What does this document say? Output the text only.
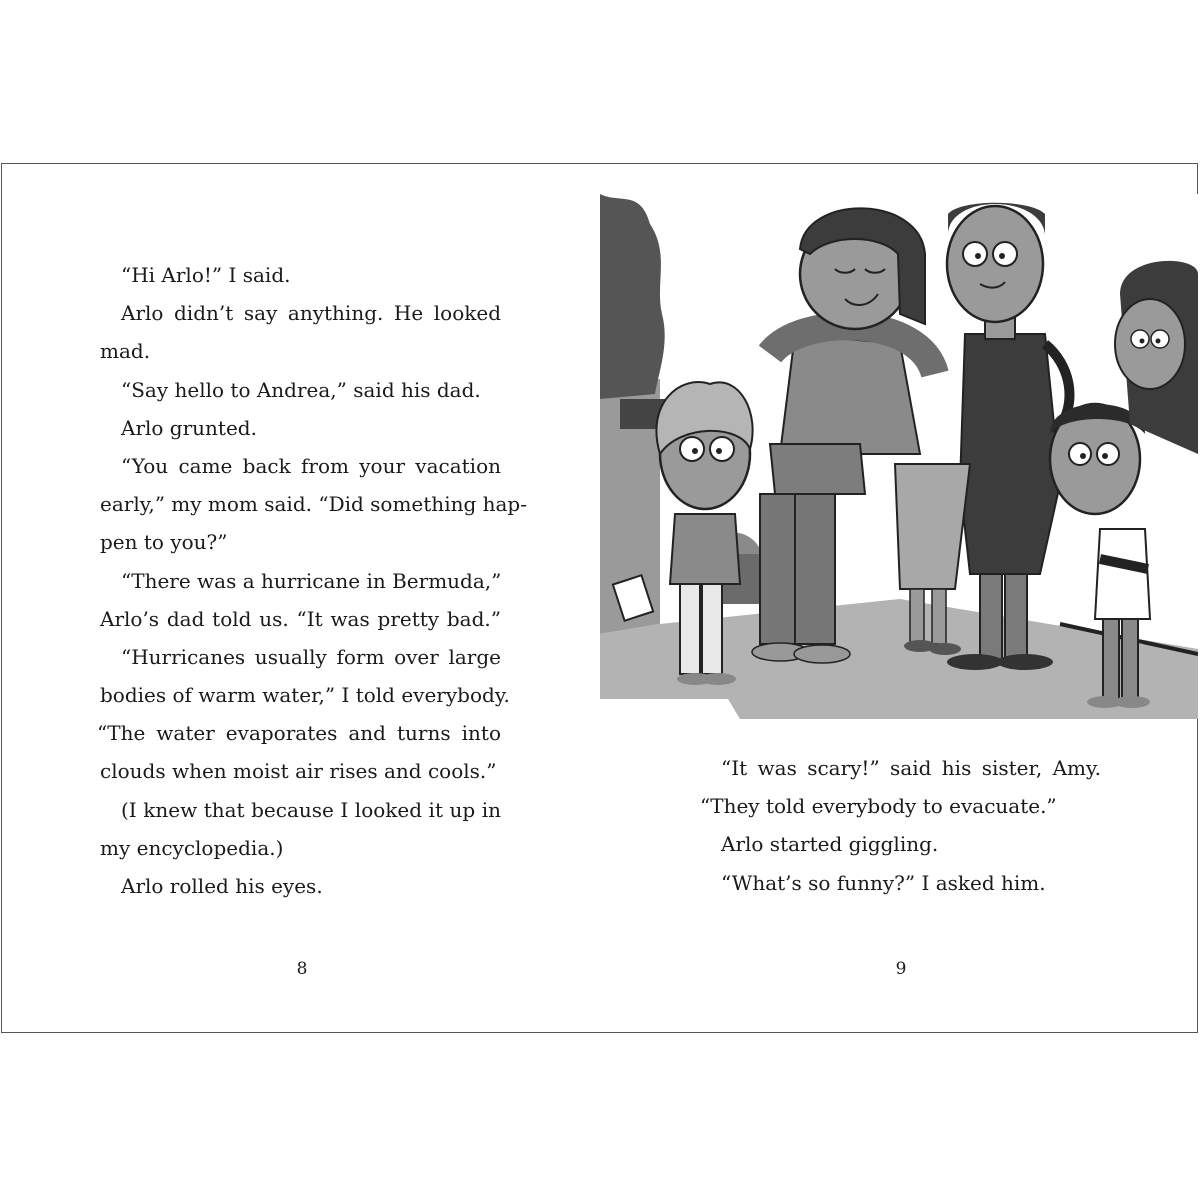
“Hi Arlo!” I said.
Arlo didn’t say anything. He looked
mad.
“Say hello to Andrea,” said his dad.
Arlo grunted.
“You came back from your vacation
early,” my mom said. “Did something hap-
pen to you?”
“There was a hurricane in Bermuda,”
Arlo’s dad told us. “It was pretty bad.”
“Hurricanes usually form over large
bodies of warm water,” I told everybody.
“The water evaporates and turns into
clouds when moist air rises and cools.”
(I knew that because I looked it up in
my encyclopedia.)
Arlo rolled his eyes.
8
“It was scary!” said his sister, Amy.
“They told everybody to evacuate.”
Arlo started giggling.
“What’s so funny?” I asked him.
9
